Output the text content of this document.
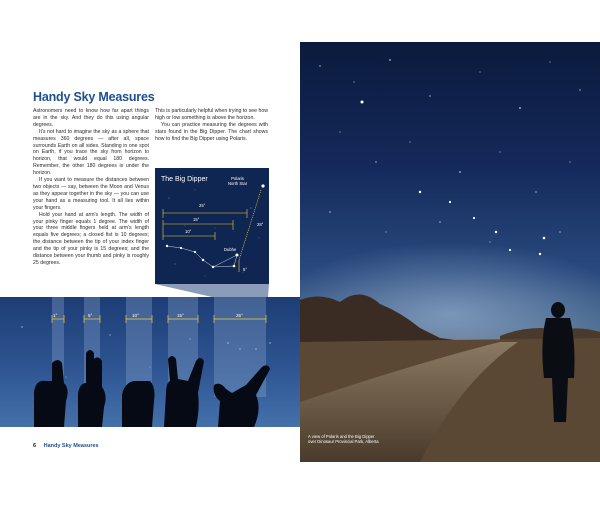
Handy Sky Measures

Astronomers need to know how far apart things are in the sky. And they do this using angular degrees.

It's not hard to imagine the sky as a sphere that measures 360 degrees — after all, space surrounds Earth on all sides. Standing in one spot on Earth, if you trace the sky from horizon to horizon, that would equal 180 degrees. Remember, the other 180 degrees is under the horizon.

If you want to measure the distances between two objects — say, between the Moon and Venus as they appear together in the sky — you can use your hand as a measuring tool. It all lies within your fingers.

Hold your hand at arm's length. The width of your pinky finger equals 1 degree. The width of your three middle fingers held at arm's length equals five degrees; a closed fist is 10 degrees; the distance between the tip of your index finger and the tip of your pinky is 15 degrees; and the distance between your thumb and pinky is roughly 25 degrees.

This is particularly helpful when trying to see how high or low something is above the horizon.

You can practice measuring the degrees with stars found in the Big Dipper. The chart shows how to find the Big Dipper using Polaris.

The Big Dipper	Polaris
North Star
25°
15°
10°
28°
5°
Dubhe
1°	5°	10°	15°	25°
6 Handy Sky Measures
A view of Polaris and the Big Dipper
over Dinosaur Provincial Park, Alberta
